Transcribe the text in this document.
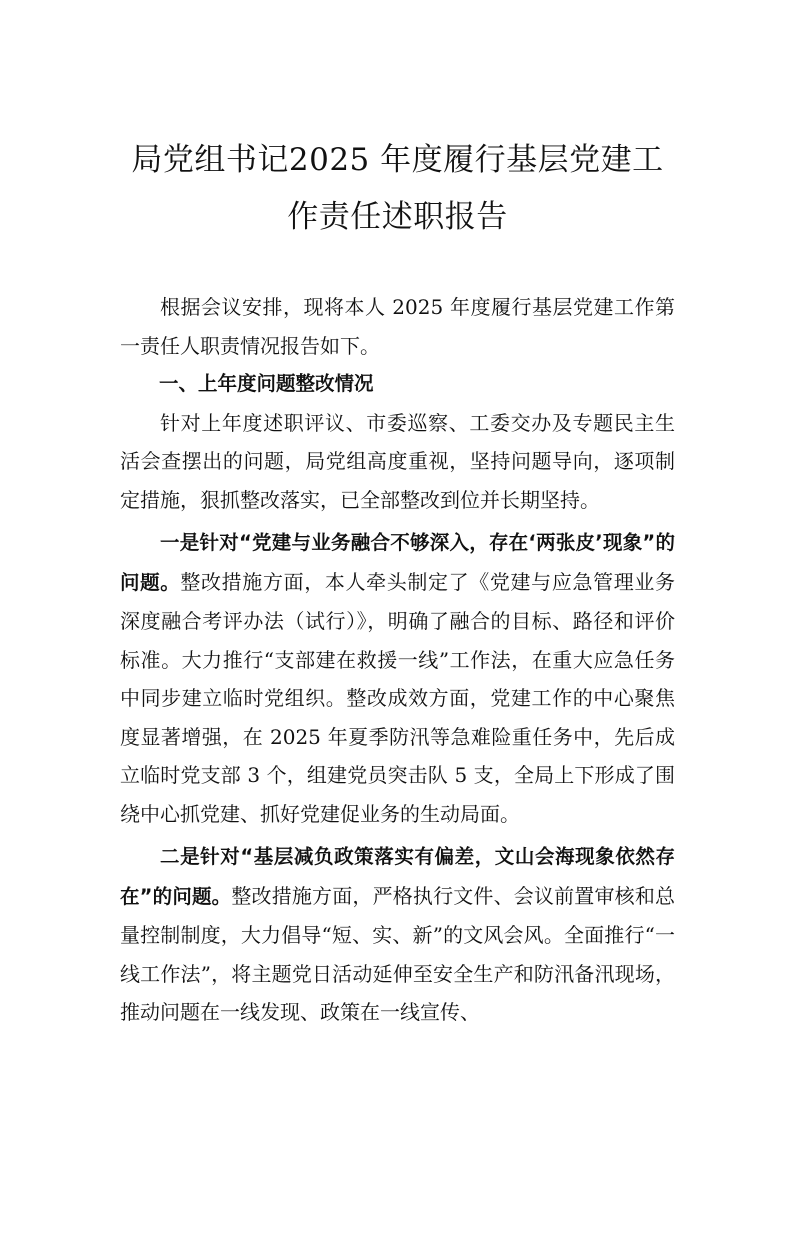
局党组书记2025 年度履行基层党建工作责任述职报告

根据会议安排，现将本人 2025 年度履行基层党建工作第一责任人职责情况报告如下。

一、上年度问题整改情况

针对上年度述职评议、市委巡察、工委交办及专题民主生活会查摆出的问题，局党组高度重视，坚持问题导向，逐项制定措施，狠抓整改落实，已全部整改到位并长期坚持。

一是针对“党建与业务融合不够深入，存在‘两张皮’现象”的问题。整改措施方面，本人牵头制定了《党建与应急管理业务深度融合考评办法（试行）》，明确了融合的目标、路径和评价标准。大力推行“支部建在救援一线”工作法，在重大应急任务中同步建立临时党组织。整改成效方面，党建工作的中心聚焦度显著增强，在 2025 年夏季防汛等急难险重任务中，先后成立临时党支部 3 个，组建党员突击队 5 支，全局上下形成了围绕中心抓党建、抓好党建促业务的生动局面。

二是针对“基层减负政策落实有偏差，文山会海现象依然存在”的问题。整改措施方面，严格执行文件、会议前置审核和总量控制制度，大力倡导“短、实、新”的文风会风。全面推行“一线工作法”，将主题党日活动延伸至安全生产和防汛备汛现场，推动问题在一线发现、政策在一线宣传、
